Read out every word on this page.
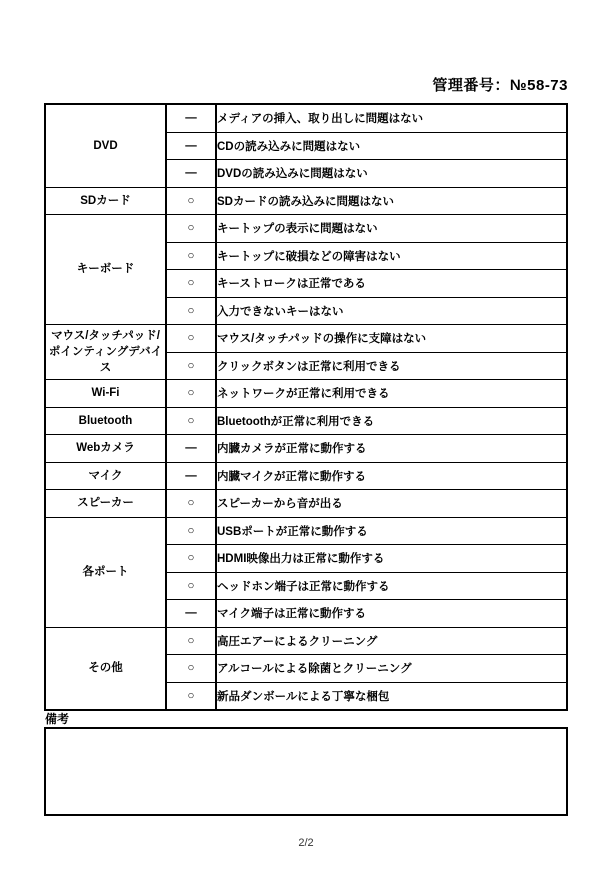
管理番号：№58-73
DVD	—	メディアの挿入、取り出しに問題はない
	—	CDの読み込みに問題はない
	—	DVDの読み込みに問題はない
SDカード	○	SDカードの読み込みに問題はない
キーボード	○	キートップの表示に問題はない
	○	キートップに破損などの障害はない
	○	キーストロークは正常である
	○	入力できないキーはない
マウス/タッチパッド/ポインティングデバイス	○	マウス/タッチパッドの操作に支障はない
	○	クリックボタンは正常に利用できる
Wi-Fi	○	ネットワークが正常に利用できる
Bluetooth	○	Bluetoothが正常に利用できる
Webカメラ	—	内臓カメラが正常に動作する
マイク	—	内臓マイクが正常に動作する
スピーカー	○	スピーカーから音が出る
各ポート	○	USBポートが正常に動作する
	○	HDMI映像出力は正常に動作する
	○	ヘッドホン端子は正常に動作する
	—	マイク端子は正常に動作する
その他	○	高圧エアーによるクリーニング
	○	アルコールによる除菌とクリーニング
	○	新品ダンボールによる丁寧な梱包
備考
2/2
